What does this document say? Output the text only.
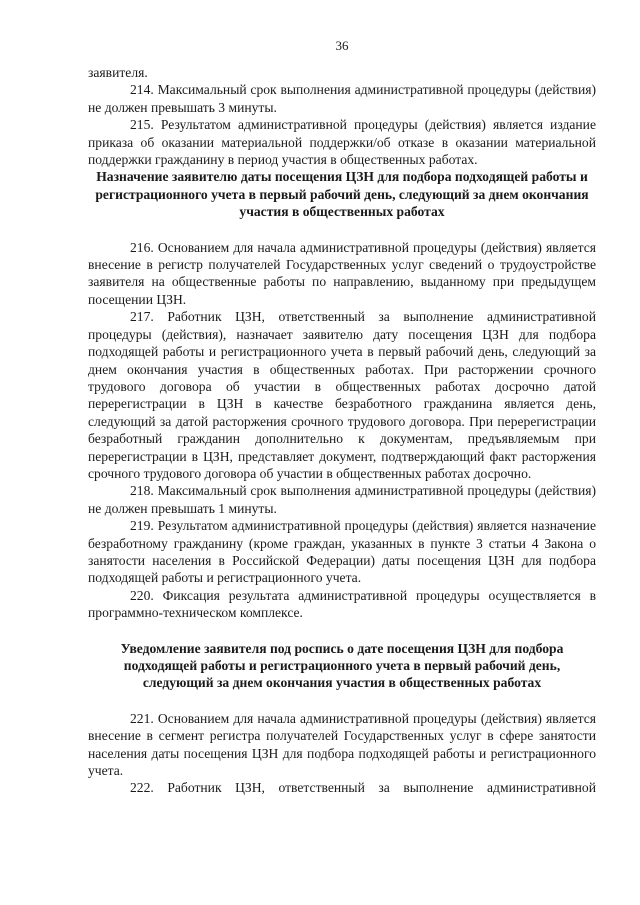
36

заявителя.

214. Максимальный срок выполнения административной процедуры (действия) не должен превышать 3 минуты.

215. Результатом административной процедуры (действия) является издание приказа об оказании материальной поддержки/об отказе в оказании материальной поддержки гражданину в период участия в общественных работах.

Назначение заявителю даты посещения ЦЗН для подбора подходящей работы и регистрационного учета в первый рабочий день, следующий за днем окончания участия в общественных работах

216. Основанием для начала административной процедуры (действия) является внесение в регистр получателей Государственных услуг сведений о трудоустройстве заявителя на общественные работы по направлению, выданному при предыдущем посещении ЦЗН.

217. Работник ЦЗН, ответственный за выполнение административной процедуры (действия), назначает заявителю дату посещения ЦЗН для подбора подходящей работы и регистрационного учета в первый рабочий день, следующий за днем окончания участия в общественных работах. При расторжении срочного трудового договора об участии в общественных работах досрочно датой перерегистрации в ЦЗН в качестве безработного гражданина является день, следующий за датой расторжения срочного трудового договора. При перерегистрации безработный гражданин дополнительно к документам, предъявляемым при перерегистрации в ЦЗН, представляет документ, подтверждающий факт расторжения срочного трудового договора об участии в общественных работах досрочно.

218. Максимальный срок выполнения административной процедуры (действия) не должен превышать 1 минуты.

219. Результатом административной процедуры (действия) является назначение безработному гражданину (кроме граждан, указанных в пункте 3 статьи 4 Закона о занятости населения в Российской Федерации) даты посещения ЦЗН для подбора подходящей работы и регистрационного учета.

220. Фиксация результата административной процедуры осуществляется в программно-техническом комплексе.

Уведомление заявителя под роспись о дате посещения ЦЗН для подбора подходящей работы и регистрационного учета в первый рабочий день, следующий за днем окончания участия в общественных работах

221. Основанием для начала административной процедуры (действия) является внесение в сегмент регистра получателей Государственных услуг в сфере занятости населения даты посещения ЦЗН для подбора подходящей работы и регистрационного учета.

222. Работник ЦЗН, ответственный за выполнение административной
